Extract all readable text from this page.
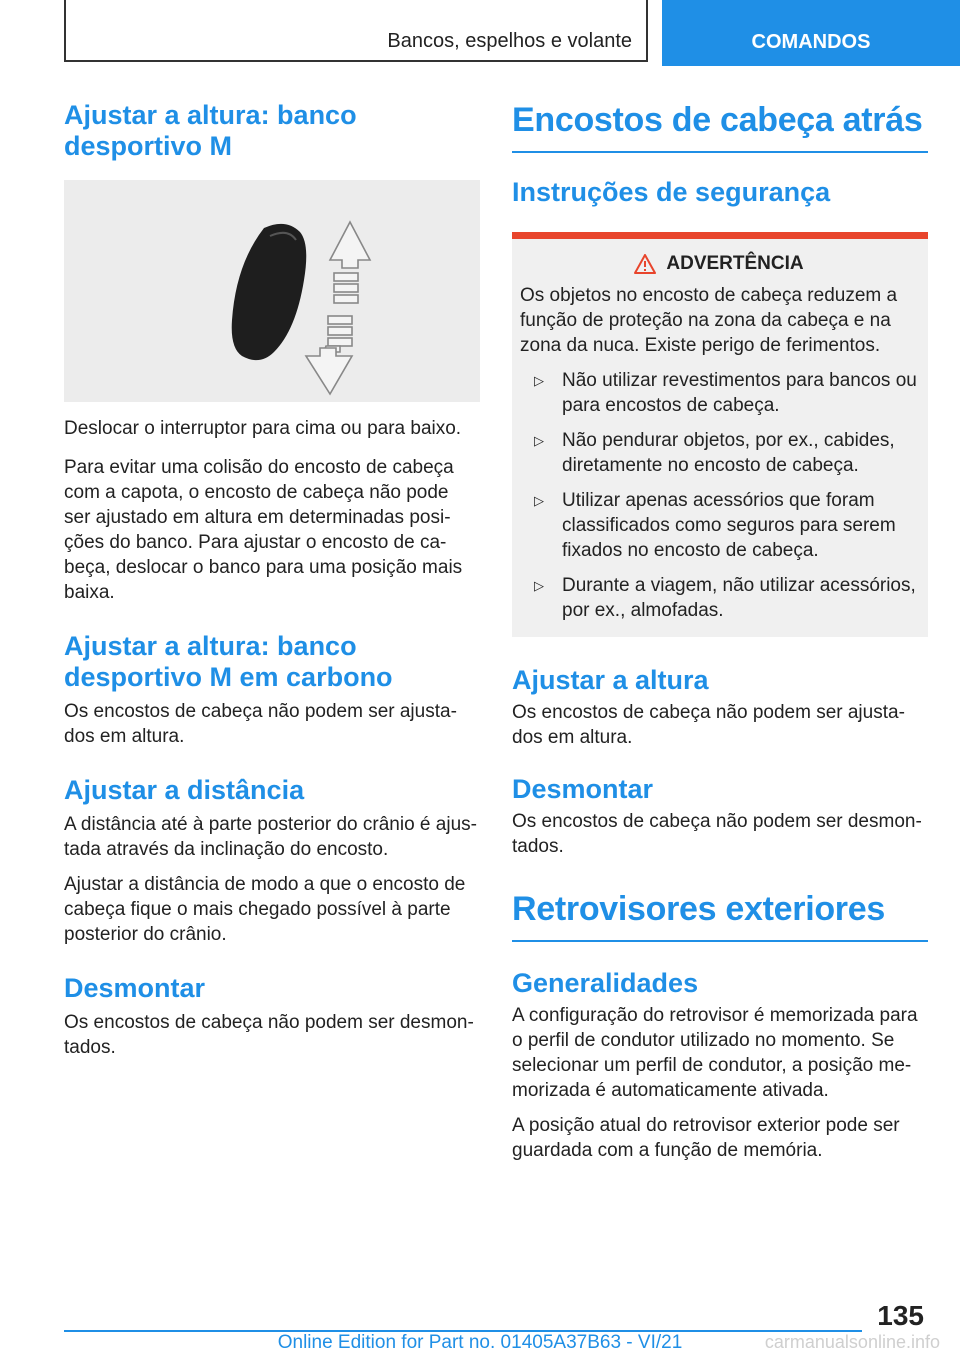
Bancos, espelhos e volante	COMANDOS
Ajustar a altura: banco desportivo M

Deslocar o interruptor para cima ou para baixo.

Para evitar uma colisão do encosto de cabeça com a capota, o encosto de cabeça não pode ser ajustado em altura em determinadas posições do banco. Para ajustar o encosto de cabeça, deslocar o banco para uma posição mais baixa.

Ajustar a altura: banco desportivo M em carbono

Os encostos de cabeça não podem ser ajustados em altura.

Ajustar a distância

A distância até à parte posterior do crânio é ajustada através da inclinação do encosto.

Ajustar a distância de modo a que o encosto de cabeça fique o mais chegado possível à parte posterior do crânio.

Desmontar

Os encostos de cabeça não podem ser desmontados.

Encostos de cabeça atrás
Instruções de segurança
ADVERTÊNCIA

Os objetos no encosto de cabeça reduzem a função de proteção na zona da cabeça e na zona da nuca. Existe perigo de ferimentos.

▷ Não utilizar revestimentos para bancos ou para encostos de cabeça.
▷ Não pendurar objetos, por ex., cabides, diretamente no encosto de cabeça.
▷ Utilizar apenas acessórios que foram classificados como seguros para serem fixados no encosto de cabeça.
▷ Durante a viagem, não utilizar acessórios, por ex., almofadas.
Ajustar a altura

Os encostos de cabeça não podem ser ajustados em altura.

Desmontar

Os encostos de cabeça não podem ser desmontados.

Retrovisores exteriores
Generalidades

A configuração do retrovisor é memorizada para o perfil de condutor utilizado no momento. Se selecionar um perfil de condutor, a posição memorizada é automaticamente ativada.

A posição atual do retrovisor exterior pode ser guardada com a função de memória.

135
Online Edition for Part no. 01405A37B63 - VI/21	carmanualsonline.info
